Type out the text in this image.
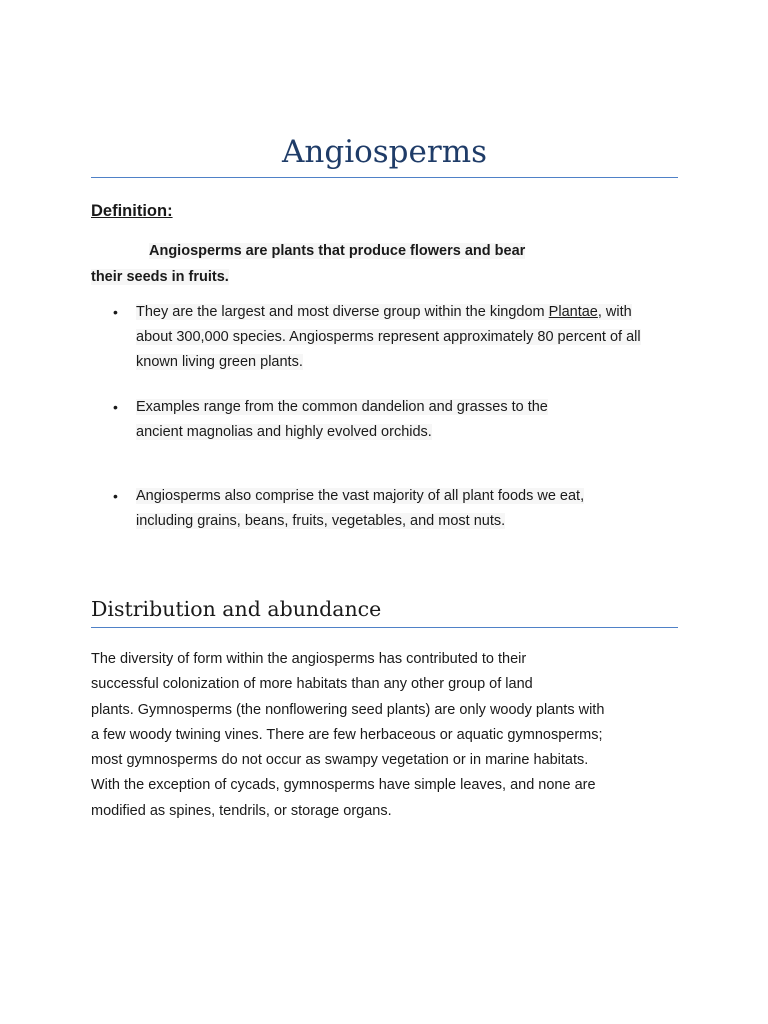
Angiosperms
Definition:
Angiosperms are plants that produce flowers and bear
their seeds in fruits.
• They are the largest and most diverse group within the kingdom Plantae, with
about 300,000 species. Angiosperms represent approximately 80 percent of all
known living green plants.
• Examples range from the common dandelion and grasses to the
ancient magnolias and highly evolved orchids.
• Angiosperms also comprise the vast majority of all plant foods we eat,
including grains, beans, fruits, vegetables, and most nuts.
Distribution and abundance
The diversity of form within the angiosperms has contributed to their
successful colonization of more habitats than any other group of land
plants. Gymnosperms (the nonflowering seed plants) are only woody plants with
a few woody twining vines. There are few herbaceous or aquatic gymnosperms;
most gymnosperms do not occur as swampy vegetation or in marine habitats.
With the exception of cycads, gymnosperms have simple leaves, and none are
modified as spines, tendrils, or storage organs.
